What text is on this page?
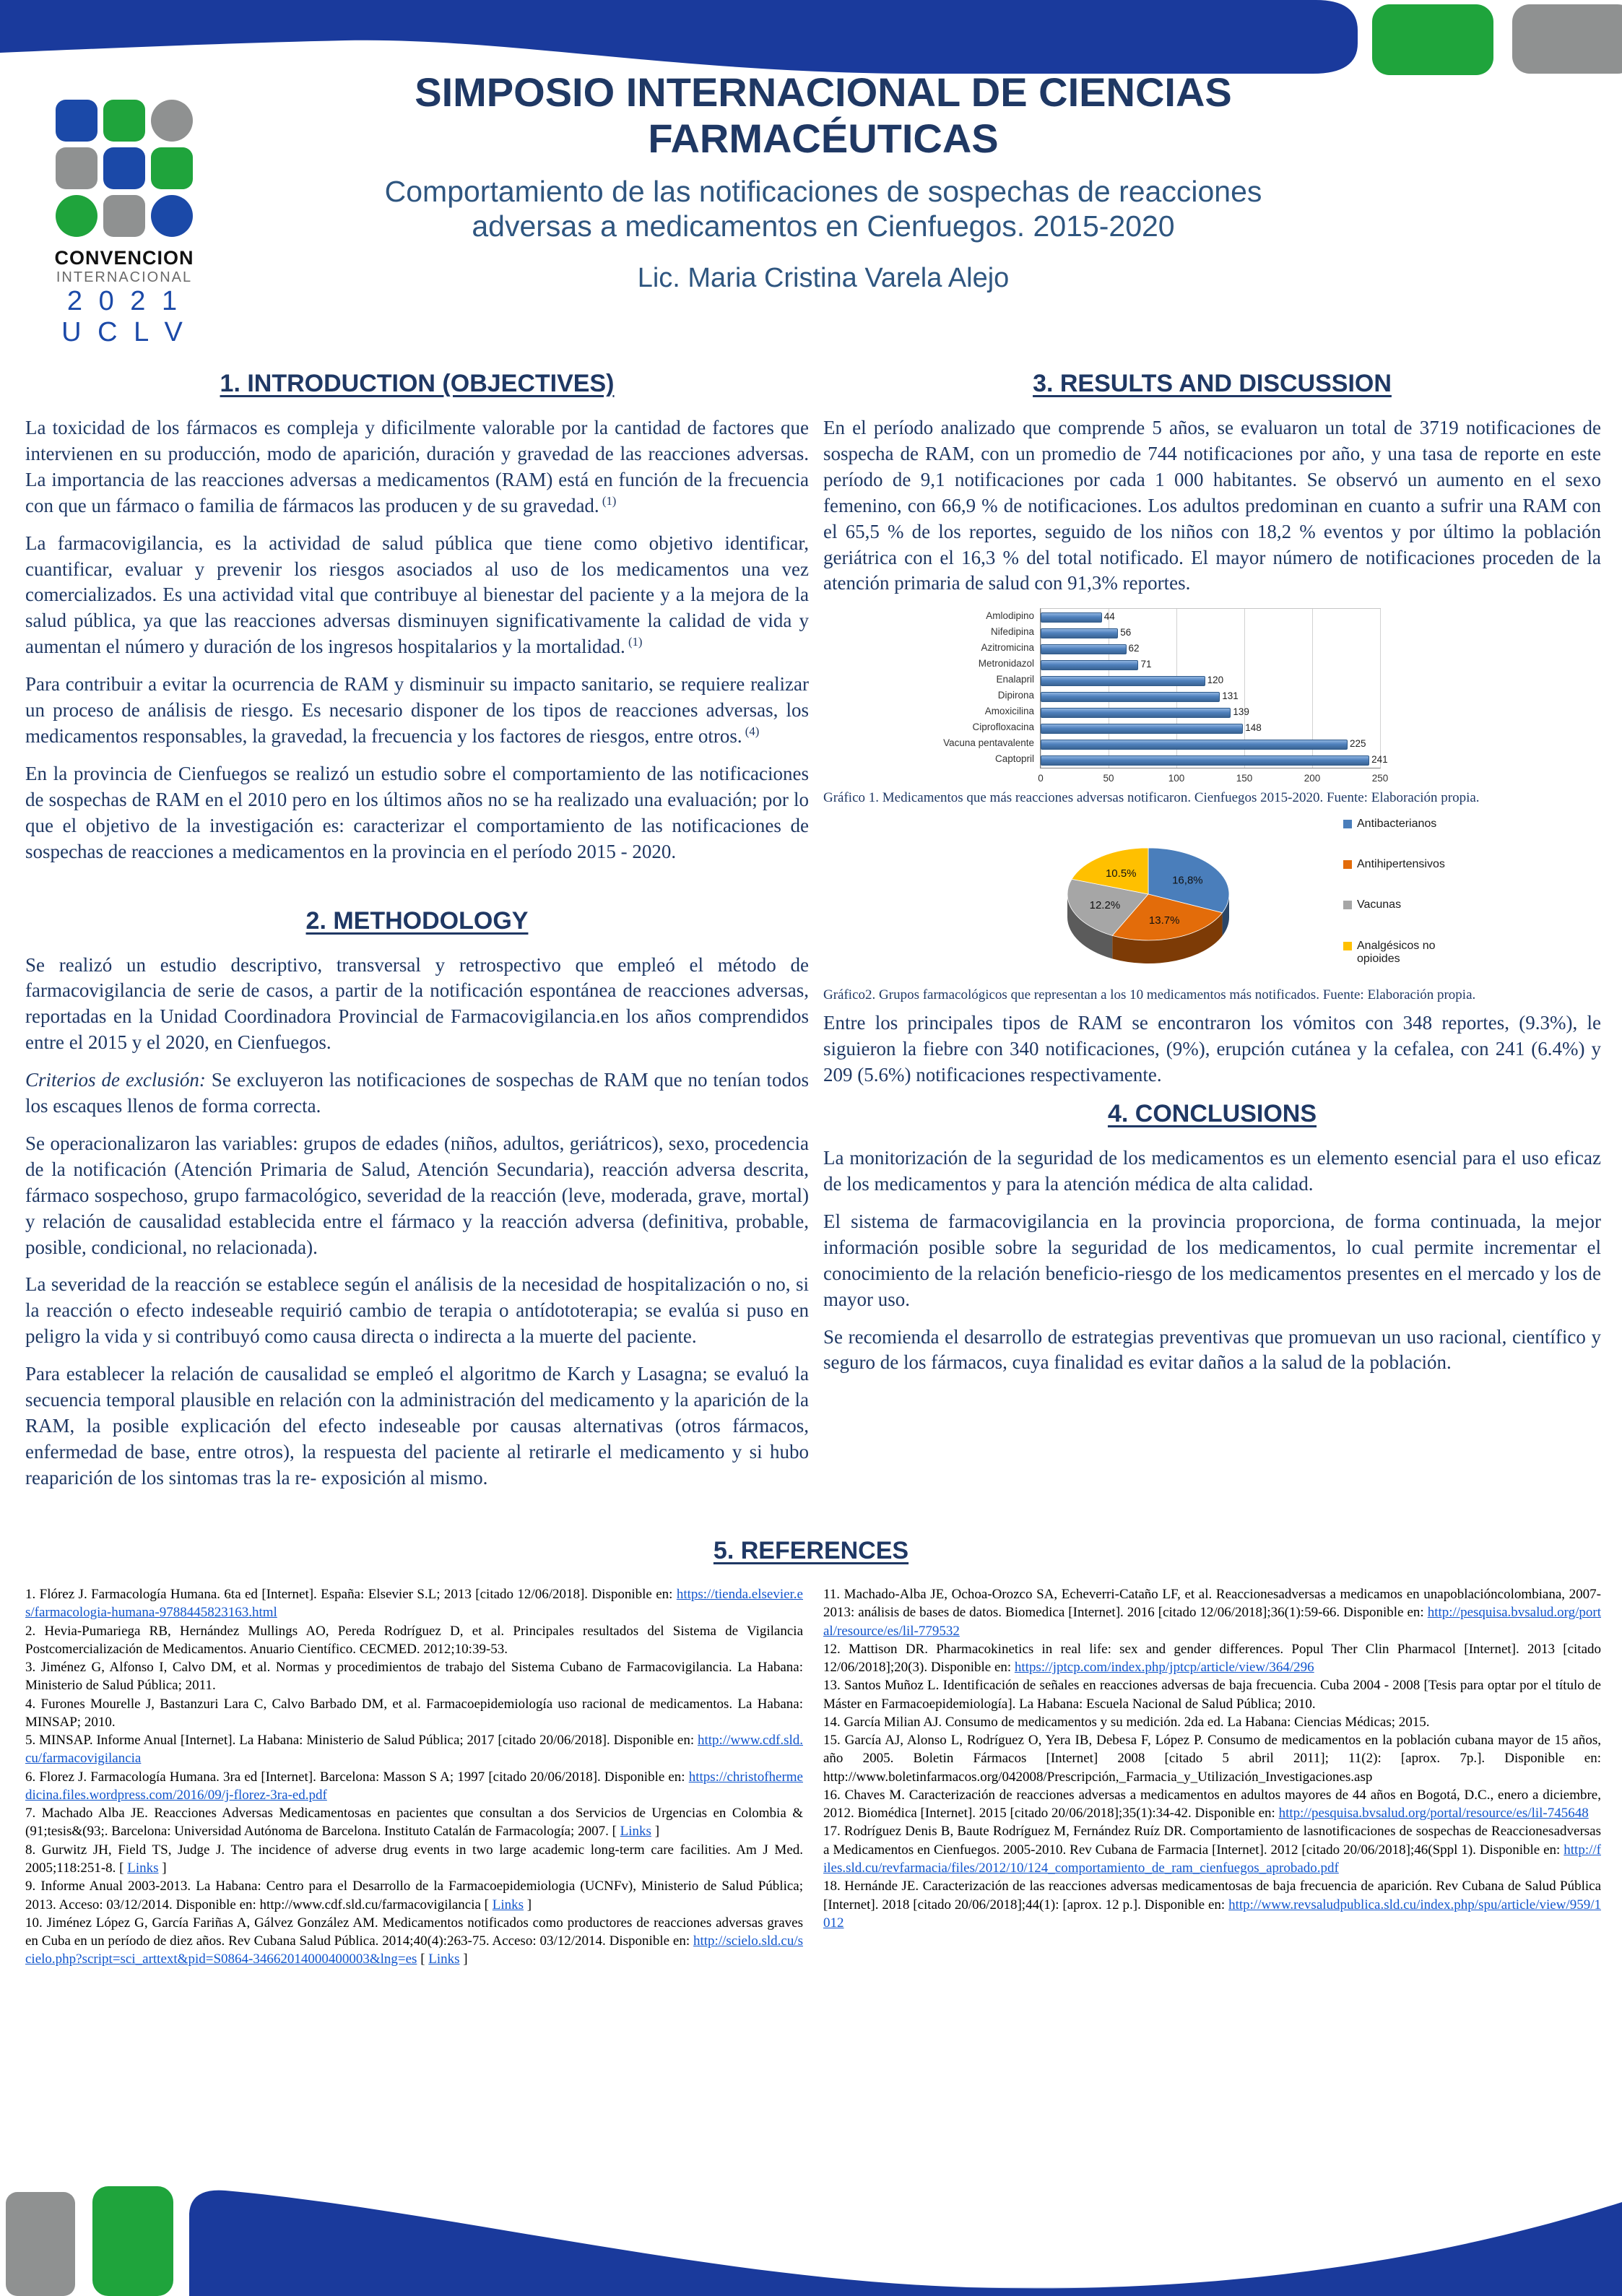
CONVENCION
INTERNACIONAL
2 0 2 1
U C L V
SIMPOSIO INTERNACIONAL DE CIENCIAS FARMACÉUTICAS
Comportamiento de las notificaciones de sospechas de reacciones adversas a medicamentos en Cienfuegos. 2015-2020
Lic. Maria Cristina Varela Alejo
1. INTRODUCTION (OBJECTIVES)

La toxicidad de los fármacos es compleja y dificilmente valorable por la cantidad de factores que intervienen en su producción, modo de aparición, duración y gravedad de las reacciones adversas. La importancia de las reacciones adversas a medicamentos (RAM) está en función de la frecuencia con que un fármaco o familia de fármacos las producen y de su gravedad. $^{(1)}$

La farmacovigilancia, es la actividad de salud pública que tiene como objetivo identificar, cuantificar, evaluar y prevenir los riesgos asociados al uso de los medicamentos una vez comercializados. Es una actividad vital que contribuye al bienestar del paciente y a la mejora de la salud pública, ya que las reacciones adversas disminuyen significativamente la calidad de vida y aumentan el número y duración de los ingresos hospitalarios y la mortalidad. $^{(1)}$

Para contribuir a evitar la ocurrencia de RAM y disminuir su impacto sanitario, se requiere realizar un proceso de análisis de riesgo. Es necesario disponer de los tipos de reacciones adversas, los medicamentos responsables, la gravedad, la frecuencia y los factores de riesgos, entre otros. $^{(4)}$

En la provincia de Cienfuegos se realizó un estudio sobre el comportamiento de las notificaciones de sospechas de RAM en el 2010 pero en los últimos años no se ha realizado una evaluación; por lo que el objetivo de la investigación es: caracterizar el comportamiento de las notificaciones de sospechas de reacciones a medicamentos en la provincia en el período 2015 - 2020.

2. METHODOLOGY

Se realizó un estudio descriptivo, transversal y retrospectivo que empleó el método de farmacovigilancia de serie de casos, a partir de la notificación espontánea de reacciones adversas, reportadas en la Unidad Coordinadora Provincial de Farmacovigilancia.en los años comprendidos entre el 2015 y el 2020, en Cienfuegos.

Criterios de exclusión: Se excluyeron las notificaciones de sospechas de RAM que no tenían todos los escaques llenos de forma correcta.

Se operacionalizaron las variables: grupos de edades (niños, adultos, geriátricos), sexo, procedencia de la notificación (Atención Primaria de Salud, Atención Secundaria), reacción adversa descrita, fármaco sospechoso, grupo farmacológico, severidad de la reacción (leve, moderada, grave, mortal) y relación de causalidad establecida entre el fármaco y la reacción adversa (definitiva, probable, posible, condicional, no relacionada).

La severidad de la reacción se establece según el análisis de la necesidad de hospitalización o no, si la reacción o efecto indeseable requirió cambio de terapia o antídototerapia; se evalúa si puso en peligro la vida y si contribuyó como causa directa o indirecta a la muerte del paciente.

Para establecer la relación de causalidad se empleó el algoritmo de Karch y Lasagna; se evaluó la secuencia temporal plausible en relación con la administración del medicamento y la aparición de la RAM, la posible explicación del efecto indeseable por causas alternativas (otros fármacos, enfermedad de base, entre otros), la respuesta del paciente al retirarle el medicamento y si hubo reaparición de los sintomas tras la re- exposición al mismo.

3. RESULTS AND DISCUSSION

En el período analizado que comprende 5 años, se evaluaron un total de 3719 notificaciones de sospecha de RAM, con un promedio de 744 notificaciones por año, y una tasa de reporte en este período de 9,1 notificaciones por cada 1 000 habitantes. Se observó un aumento en el sexo femenino, con 66,9 % de notificaciones. Los adultos predominan en cuanto a sufrir una RAM con el 65,5 % de los reportes, seguido de los niños con 18,2 % eventos y por último la población geriátrica con el 16,3 % del total notificado. El mayor número de notificaciones proceden de la atención primaria de salud con 91,3% reportes.

Amlodipino
Nifedipina
Azitromicina
Metronidazol
Enalapril
Dipirona
Amoxicilina
Ciprofloxacina
Vacuna pentavalente
Captopril
0	50	100	150	200	250
44
56
62
71
120
131
139
148
225
241

Gráfico 1. Medicamentos que más reacciones adversas notificaron. Cienfuegos 2015-2020. Fuente: Elaboración propia.

16,8%
13.7%
12.2%
10.5%
Antibacterianos
Antihipertensivos
Vacunas
Analgésicos no opioides

Gráfico2. Grupos farmacológicos que representan a los 10 medicamentos más notificados. Fuente: Elaboración propia.

Entre los principales tipos de RAM se encontraron los vómitos con 348 reportes, (9.3%), le siguieron la fiebre con 340 notificaciones, (9%), erupción cutánea y la cefalea, con 241 (6.4%) y 209 (5.6%) notificaciones respectivamente.

4. CONCLUSIONS

La monitorización de la seguridad de los medicamentos es un elemento esencial para el uso eficaz de los medicamentos y para la atención médica de alta calidad.

El sistema de farmacovigilancia en la provincia proporciona, de forma continuada, la mejor información posible sobre la seguridad de los medicamentos, lo cual permite incrementar el conocimiento de la relación beneficio-riesgo de los medicamentos presentes en el mercado y los de mayor uso.

Se recomienda el desarrollo de estrategias preventivas que promuevan un uso racional, científico y seguro de los fármacos, cuya finalidad es evitar daños a la salud de la población.

5. REFERENCES
1. Flórez J. Farmacología Humana. 6ta ed [Internet]. España: Elsevier S.L; 2013 [citado 12/06/2018]. Disponible en: https://tienda.elsevier.es/farmacologia-humana-9788445823163.html
2. Hevia-Pumariega RB, Hernández Mullings AO, Pereda Rodríguez D, et al. Principales resultados del Sistema de Vigilancia Postcomercialización de Medicamentos. Anuario Científico. CECMED. 2012;10:39-53.
3. Jiménez G, Alfonso I, Calvo DM, et al. Normas y procedimientos de trabajo del Sistema Cubano de Farmacovigilancia. La Habana: Ministerio de Salud Pública; 2011.
4. Furones Mourelle J, Bastanzuri Lara C, Calvo Barbado DM, et al. Farmacoepidemiología uso racional de medicamentos. La Habana: MINSAP; 2010.
5. MINSAP. Informe Anual [Internet]. La Habana: Ministerio de Salud Pública; 2017 [citado 20/06/2018]. Disponible en: http://www.cdf.sld.cu/farmacovigilancia
6. Florez J. Farmacología Humana. 3ra ed [Internet]. Barcelona: Masson S A; 1997 [citado 20/06/2018]. Disponible en: https://christofhermedicina.files.wordpress.com/2016/09/j-florez-3ra-ed.pdf
7. Machado Alba JE. Reacciones Adversas Medicamentosas en pacientes que consultan a dos Servicios de Urgencias en Colombia &(91;tesis&(93;. Barcelona: Universidad Autónoma de Barcelona. Instituto Catalán de Farmacología; 2007. [ Links ]
8. Gurwitz JH, Field TS, Judge J. The incidence of adverse drug events in two large academic long-term care facilities. Am J Med. 2005;118:251-8. [ Links ]
9. Informe Anual 2003-2013. La Habana: Centro para el Desarrollo de la Farmacoepidemiologia (UCNFv), Ministerio de Salud Pública; 2013. Acceso: 03/12/2014. Disponible en: http://www.cdf.sld.cu/farmacovigilancia [ Links ]
10. Jiménez López G, García Fariñas A, Gálvez González AM. Medicamentos notificados como productores de reacciones adversas graves en Cuba en un período de diez años. Rev Cubana Salud Pública. 2014;40(4):263-75. Acceso: 03/12/2014. Disponible en: http://scielo.sld.cu/scielo.php?script=sci_arttext&pid=S0864-34662014000400003&lng=es [ Links ]
11. Machado-Alba JE, Ochoa-Orozco SA, Echeverri-Cataño LF, et al. Reaccionesadversas a medicamos en unapoblacióncolombiana, 2007-2013: análisis de bases de datos. Biomedica [Internet]. 2016 [citado 12/06/2018];36(1):59-66. Disponible en: http://pesquisa.bvsalud.org/portal/resource/es/lil-779532
12. Mattison DR. Pharmacokinetics in real life: sex and gender differences. Popul Ther Clin Pharmacol [Internet]. 2013 [citado 12/06/2018];20(3). Disponible en: https://jptcp.com/index.php/jptcp/article/view/364/296
13. Santos Muñoz L. Identificación de señales en reacciones adversas de baja frecuencia. Cuba 2004 - 2008 [Tesis para optar por el título de Máster en Farmacoepidemiología]. La Habana: Escuela Nacional de Salud Pública; 2010.
14. García Milian AJ. Consumo de medicamentos y su medición. 2da ed. La Habana: Ciencias Médicas; 2015.
15. García AJ, Alonso L, Rodríguez O, Yera IB, Debesa F, López P. Consumo de medicamentos en la población cubana mayor de 15 años, año 2005. Boletin Fármacos [Internet] 2008 [citado 5 abril 2011]; 11(2): [aprox. 7p.]. Disponible en: http://www.boletinfarmacos.org/042008/Prescripción,_Farmacia_y_Utilización_Investigaciones.asp
16. Chaves M. Caracterización de reacciones adversas a medicamentos en adultos mayores de 44 años en Bogotá, D.C., enero a diciembre, 2012. Biomédica [Internet]. 2015 [citado 20/06/2018];35(1):34-42. Disponible en: http://pesquisa.bvsalud.org/portal/resource/es/lil-745648
17. Rodríguez Denis B, Baute Rodríguez M, Fernández Ruíz DR. Comportamiento de lasnotificaciones de sospechas de Reaccionesadversas a Medicamentos en Cienfuegos. 2005-2010. Rev Cubana de Farmacia [Internet]. 2012 [citado 20/06/2018];46(Sppl 1). Disponible en: http://files.sld.cu/revfarmacia/files/2012/10/124_comportamiento_de_ram_cienfuegos_aprobado.pdf
18. Hernánde JE. Caracterización de las reacciones adversas medicamentosas de baja frecuencia de aparición. Rev Cubana de Salud Pública [Internet]. 2018 [citado 20/06/2018];44(1): [aprox. 12 p.]. Disponible en: http://www.revsaludpublica.sld.cu/index.php/spu/article/view/959/1012
